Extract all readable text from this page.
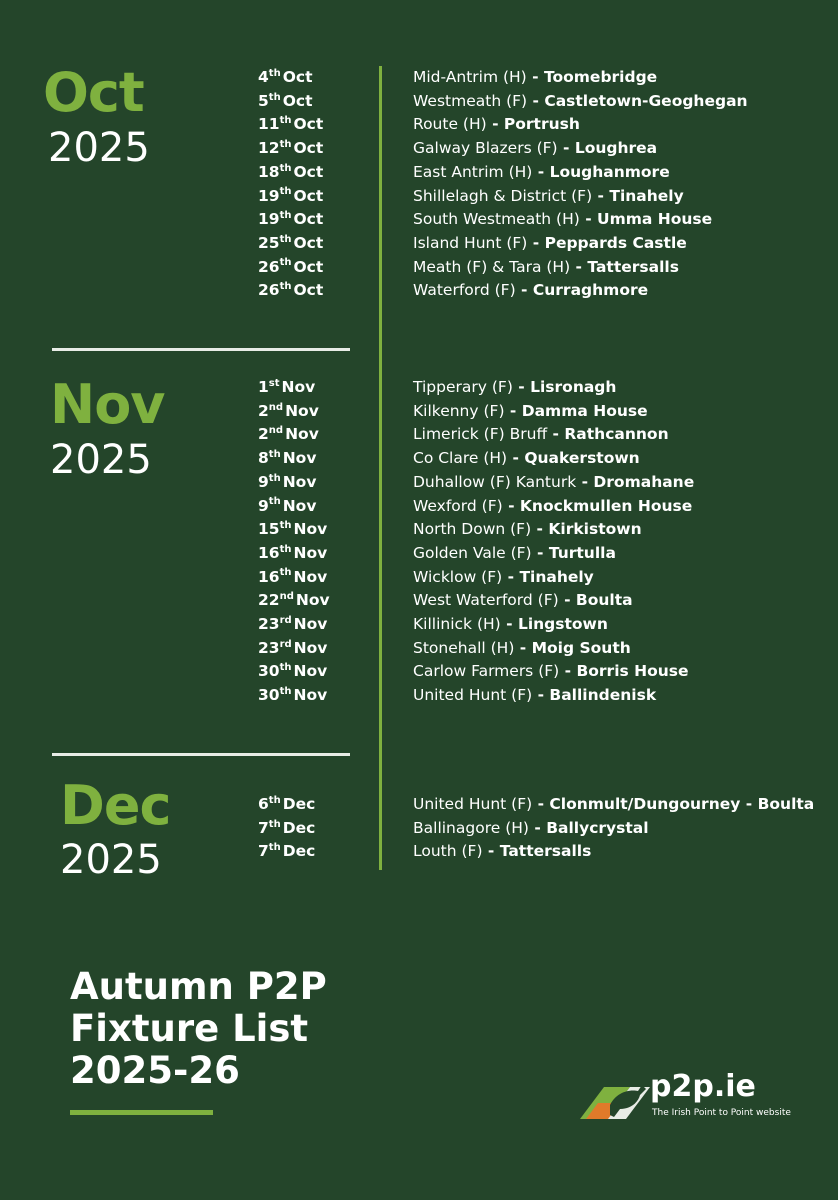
Oct
2025
Nov
2025
Dec
2025
4th Oct	Mid-Antrim (H) - Toomebridge
5th Oct	Westmeath (F) - Castletown-Geoghegan
11th Oct	Route (H) - Portrush
12th Oct	Galway Blazers (F) - Loughrea
18th Oct	East Antrim (H) - Loughanmore
19th Oct	Shillelagh & District (F) - Tinahely
19th Oct	South Westmeath (H) - Umma House
25th Oct	Island Hunt (F) - Peppards Castle
26th Oct	Meath (F) & Tara (H) - Tattersalls
26th Oct	Waterford (F) - Curraghmore
1st Nov	Tipperary (F) - Lisronagh
2nd Nov	Kilkenny (F) - Damma House
2nd Nov	Limerick (F) Bruff - Rathcannon
8th Nov	Co Clare (H) - Quakerstown
9th Nov	Duhallow (F) Kanturk - Dromahane
9th Nov	Wexford (F) - Knockmullen House
15th Nov	North Down (F) - Kirkistown
16th Nov	Golden Vale (F) - Turtulla
16th Nov	Wicklow (F) - Tinahely
22nd Nov	West Waterford (F) - Boulta
23rd Nov	Killinick (H) - Lingstown
23rd Nov	Stonehall (H) - Moig South
30th Nov	Carlow Farmers (F) - Borris House
30th Nov	United Hunt (F) - Ballindenisk
6th Dec	United Hunt (F) - Clonmult/Dungourney - Boulta
7th Dec	Ballinagore (H) - Ballycrystal
7th Dec	Louth (F) - Tattersalls
Autumn P2P
Fixture List
2025-26	p2p.ie
The Irish Point to Point website
